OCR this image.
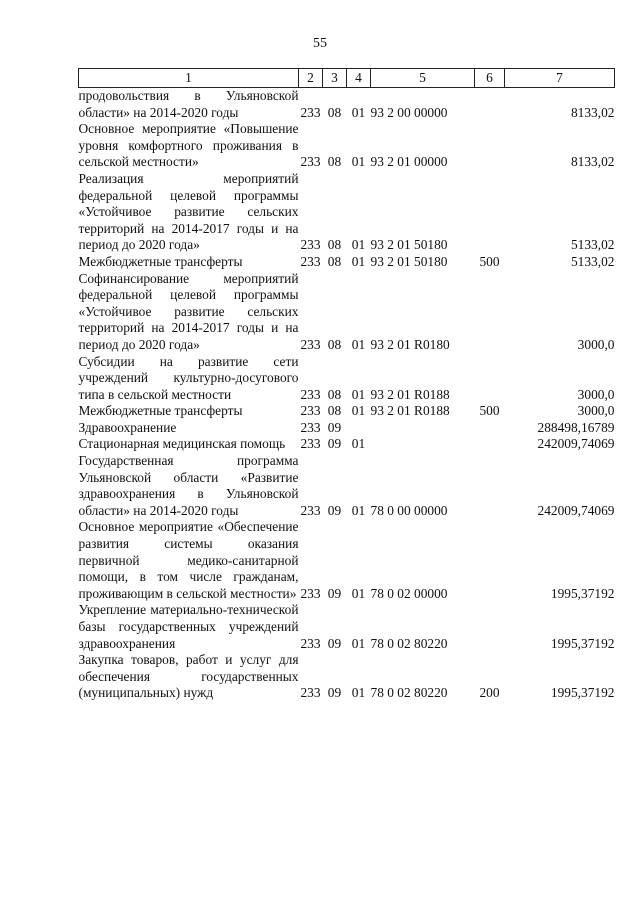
55
1	2	3	4	5	6	7
продовольствия в Ульяновской области» на 2014-2020 годы	233	08	01	93 2 00 00000		8133,02
Основное мероприятие «Повышение уровня комфортного проживания в сельской местности»	233	08	01	93 2 01 00000		8133,02
Реализация мероприятий федеральной целевой программы «Устойчивое развитие сельских территорий на 2014-2017 годы и на период до 2020 года»	233	08	01	93 2 01 50180		5133,02
Межбюджетные трансферты	233	08	01	93 2 01 50180	500	5133,02
Софинансирование мероприятий федеральной целевой программы «Устойчивое развитие сельских территорий на 2014-2017 годы и на период до 2020 года»	233	08	01	93 2 01 R0180		3000,0
Субсидии на развитие сети учреждений культурно-досугового типа в сельской местности	233	08	01	93 2 01 R0188		3000,0
Межбюджетные трансферты	233	08	01	93 2 01 R0188	500	3000,0
Здравоохранение	233	09				288498,16789
Стационарная медицинская помощь	233	09	01			242009,74069
Государственная программа Ульяновской области «Развитие здравоохранения в Ульяновской области» на 2014-2020 годы	233	09	01	78 0 00 00000		242009,74069
Основное мероприятие «Обеспечение развития системы оказания первичной медико-санитарной помощи, в том числе гражданам, проживающим в сельской местности»	233	09	01	78 0 02 00000		1995,37192
Укрепление материально-технической базы государственных учреждений здравоохранения	233	09	01	78 0 02 80220		1995,37192
Закупка товаров, работ и услуг для обеспечения государственных (муниципальных) нужд	233	09	01	78 0 02 80220	200	1995,37192
